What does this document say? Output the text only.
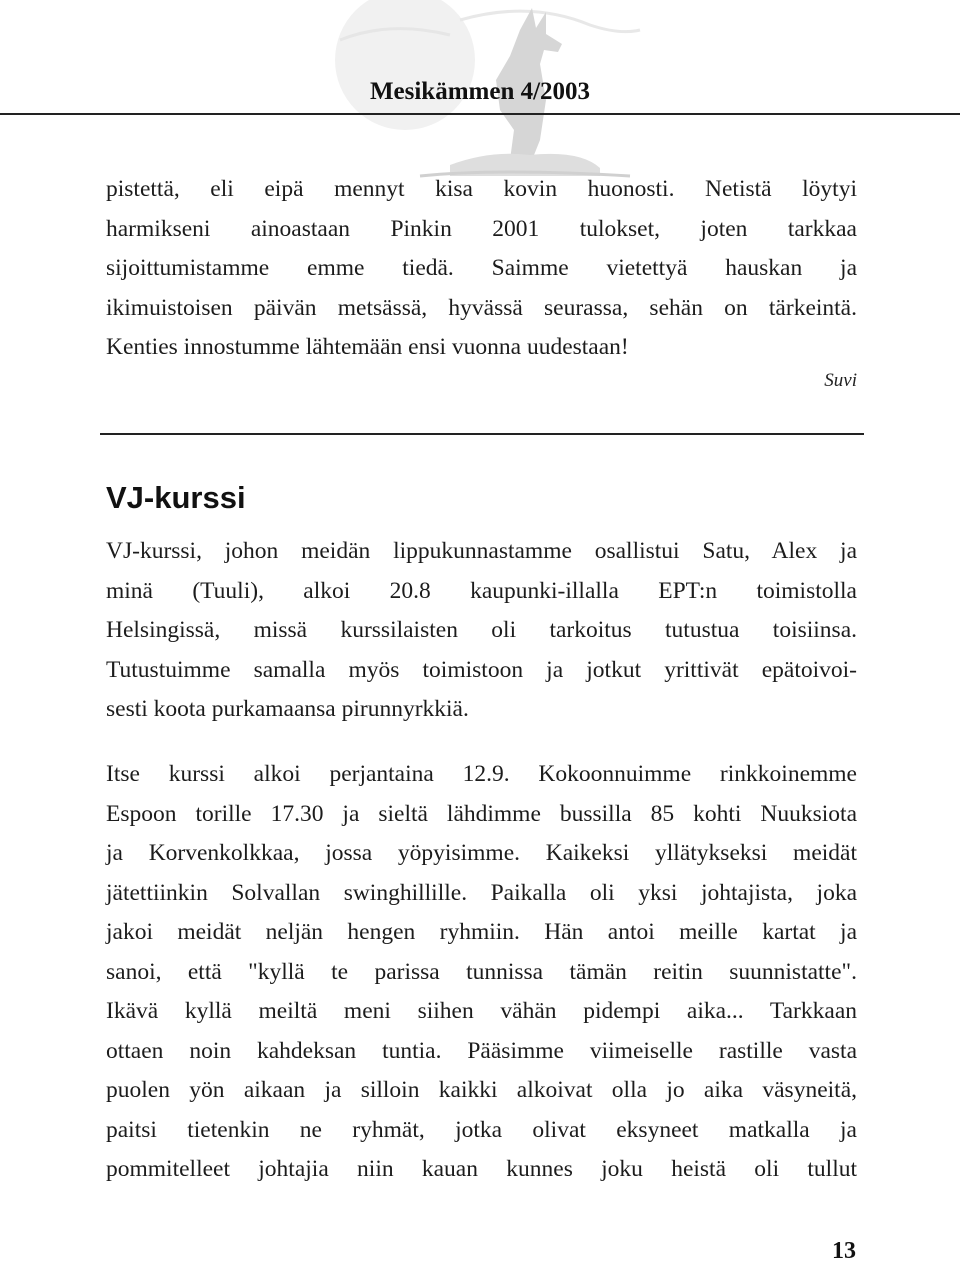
Mesikämmen 4/2003
pistettä, eli eipä mennyt kisa kovin huonosti. Netistä löytyi
harmikseni ainoastaan Pinkin 2001 tulokset, joten tarkkaa
sijoittumistamme emme tiedä. Saimme vietettyä hauskan ja
ikimuistoisen päivän metsässä, hyvässä seurassa, sehän on tärkeintä.
Kenties innostumme lähtemään ensi vuonna uudestaan!
Suvi
VJ-kurssi
VJ-kurssi, johon meidän lippukunnastamme osallistui Satu, Alex ja
minä (Tuuli), alkoi 20.8 kaupunki-illalla EPT:n toimistolla
Helsingissä, missä kurssilaisten oli tarkoitus tutustua toisiinsa.
Tutustuimme samalla myös toimistoon ja jotkut yrittivät epätoivoi-
sesti koota purkamaansa pirunnyrkkiä.
Itse kurssi alkoi perjantaina 12.9. Kokoonnuimme rinkkoinemme
Espoon torille 17.30 ja sieltä lähdimme bussilla 85 kohti Nuuksiota
ja Korvenkolkkaa, jossa yöpyisimme. Kaikeksi yllätykseksi meidät
jätettiinkin Solvallan swinghillille. Paikalla oli yksi johtajista, joka
jakoi meidät neljän hengen ryhmiin. Hän antoi meille kartat ja
sanoi, että "kyllä te parissa tunnissa tämän reitin suunnistatte".
Ikävä kyllä meiltä meni siihen vähän pidempi aika... Tarkkaan
ottaen noin kahdeksan tuntia. Pääsimme viimeiselle rastille vasta
puolen yön aikaan ja silloin kaikki alkoivat olla jo aika väsyneitä,
paitsi tietenkin ne ryhmät, jotka olivat eksyneet matkalla ja
pommitelleet johtajia niin kauan kunnes joku heistä oli tullut
13
